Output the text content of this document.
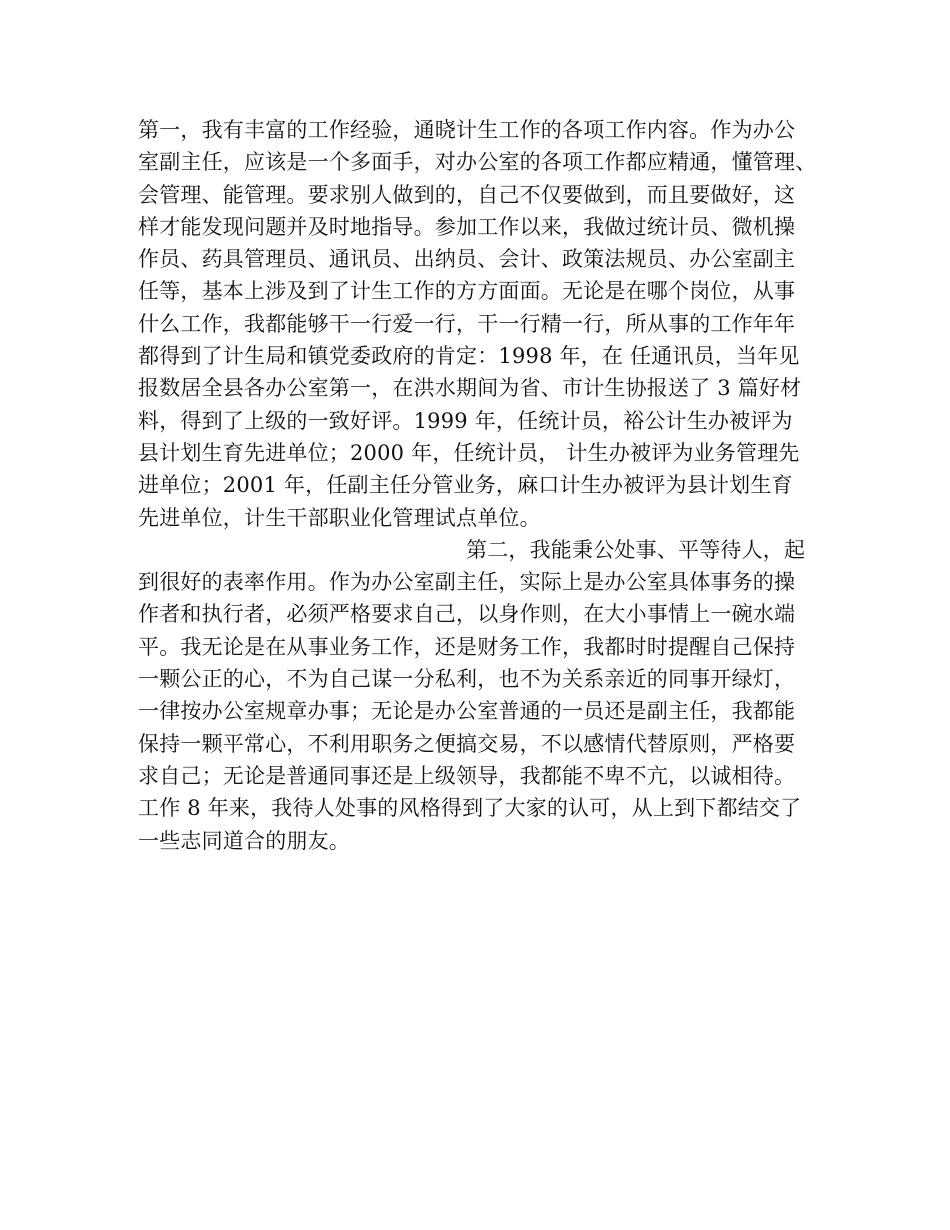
第一，我有丰富的工作经验，通晓计生工作的各项工作内容。作为办公
室副主任，应该是一个多面手，对办公室的各项工作都应精通，懂管理、
会管理、能管理。要求别人做到的，自己不仅要做到，而且要做好，这
样才能发现问题并及时地指导。参加工作以来，我做过统计员、微机操
作员、药具管理员、通讯员、出纳员、会计、政策法规员、办公室副主
任等，基本上涉及到了计生工作的方方面面。无论是在哪个岗位，从事
什么工作，我都能够干一行爱一行，干一行精一行，所从事的工作年年
都得到了计生局和镇党委政府的肯定：1998 年，在 任通讯员，当年见
报数居全县各办公室第一，在洪水期间为省、市计生协报送了 3 篇好材
料，得到了上级的一致好评。1999 年，任统计员，裕公计生办被评为
县计划生育先进单位；2000 年，任统计员， 计生办被评为业务管理先
进单位；2001 年，任副主任分管业务，麻口计生办被评为县计划生育
先进单位，计生干部职业化管理试点单位。
第二，我能秉公处事、平等待人，起
到很好的表率作用。作为办公室副主任，实际上是办公室具体事务的操
作者和执行者，必须严格要求自己，以身作则，在大小事情上一碗水端
平。我无论是在从事业务工作，还是财务工作，我都时时提醒自己保持
一颗公正的心，不为自己谋一分私利，也不为关系亲近的同事开绿灯，
一律按办公室规章办事；无论是办公室普通的一员还是副主任，我都能
保持一颗平常心，不利用职务之便搞交易，不以感情代替原则，严格要
求自己；无论是普通同事还是上级领导，我都能不卑不亢，以诚相待。
工作 8 年来，我待人处事的风格得到了大家的认可，从上到下都结交了
一些志同道合的朋友。
